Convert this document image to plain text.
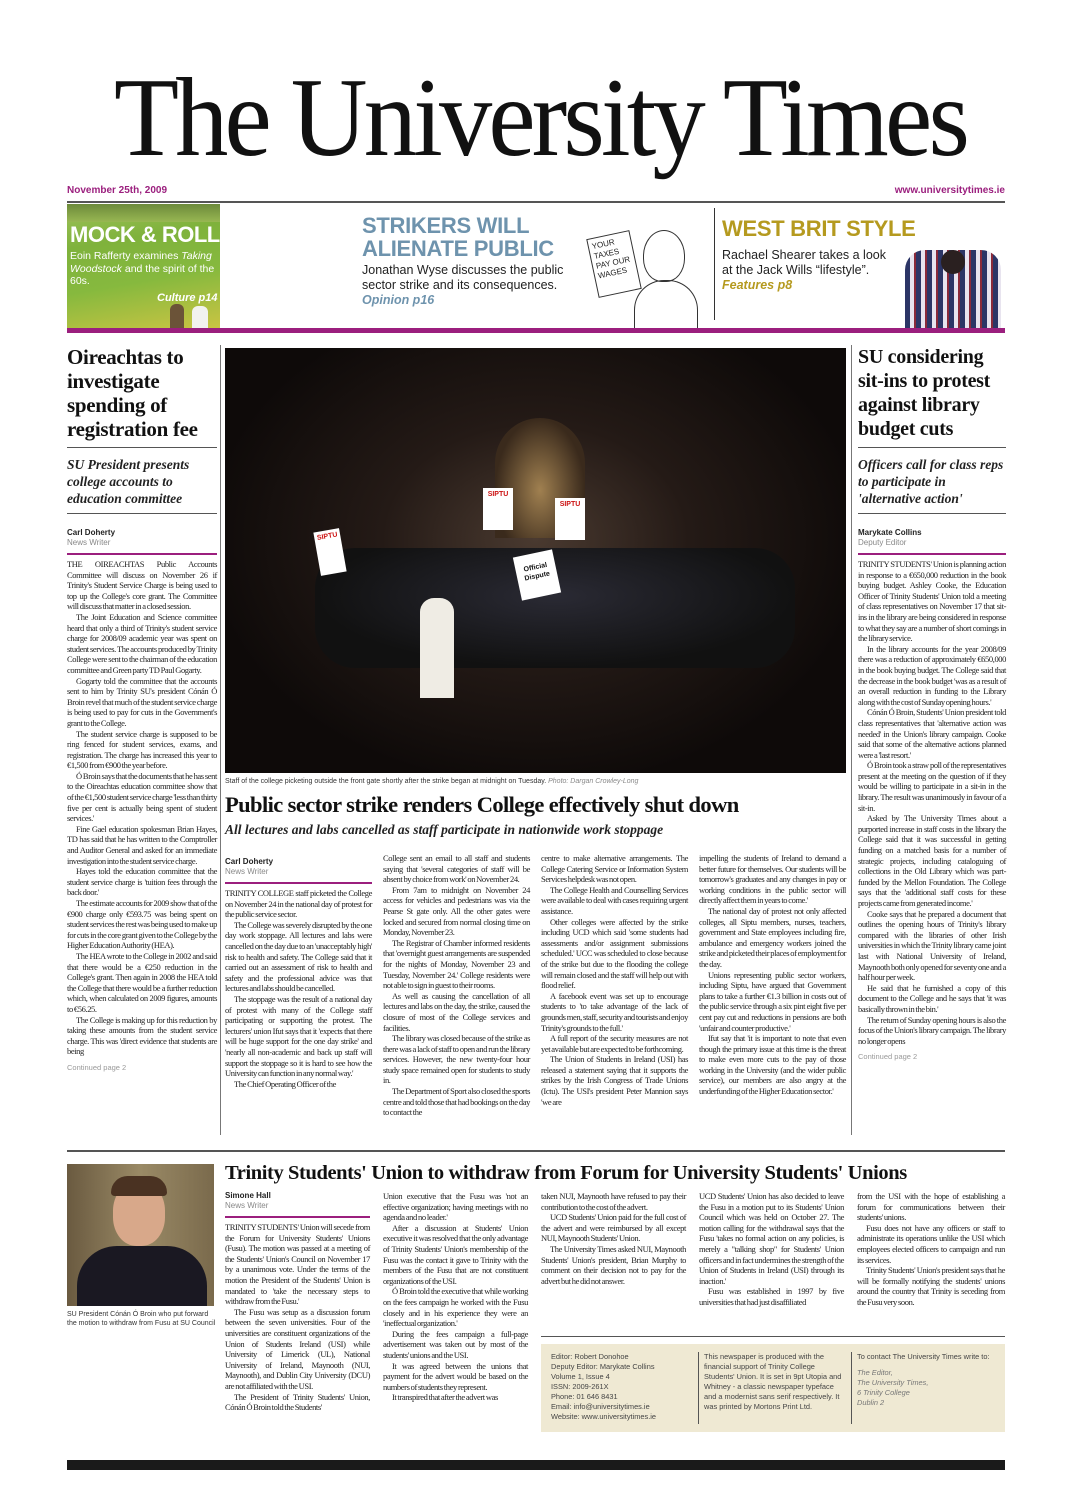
The University Times
November 25th, 2009	www.universitytimes.ie
MOCK & ROLL
Eoin Rafferty examines Taking Woodstock and the spirit of the 60s.
Culture p14
STRIKERS WILL
ALIENATE PUBLIC
Jonathan Wyse discusses the public sector strike and its consequences. Opinion p16
YOUR TAXES PAY OUR WAGES
WEST BRIT STYLE
Rachael Shearer takes a look at the Jack Wills “lifestyle”. Features p8
Oireachtas to investigate spending of registration fee
SU President presents college accounts to education committee
Carl Doherty
News Writer

THE OIREACHTAS Public Accounts Committee will discuss on November 26 if Trinity's Student Service Charge is being used to top up the College's core grant. The Committee will discuss that matter in a closed session.

The Joint Education and Science committee heard that only a third of Trinity's student service charge for 2008/09 academic year was spent on student services. The accounts produced by Trinity College were sent to the chairman of the education committee and Green party TD Paul Gogarty.

Gogarty told the committee that the accounts sent to him by Trinity SU's president Cónán Ó Broin revel that much of the student service charge is being used to pay for cuts in the Government's grant to the College.

The student service charge is supposed to be ring fenced for student services, exams, and registration. The charge has increased this year to €1,500 from €900 the year before.

Ó Broin says that the documents that he has sent to the Oireachtas education committee show that of the €1,500 student service charge 'less than thirty five per cent is actually being spent of student services.'

Fine Gael education spokesman Brian Hayes, TD has said that he has written to the Comptroller and Auditor General and asked for an immediate investigation into the student service charge.

Hayes told the education committee that the student service charge is 'tuition fees through the back door.'

The estimate accounts for 2009 show that of the €900 charge only €593.75 was being spent on student services the rest was being used to make up for cuts in the core grant given to the College by the Higher Education Authority (HEA).

The HEA wrote to the College in 2002 and said that there would be a €250 reduction in the College's grant. Then again in 2008 the HEA told the College that there would be a further reduction which, when calculated on 2009 figures, amounts to €56.25.

The College is making up for this reduction by taking these amounts from the student service charge. This was 'direct evidence that students are being

Continued page 2
SU considering sit-ins to protest against library budget cuts
Officers call for class reps to participate in 'alternative action'
Marykate Collins
Deputy Editor

TRINITY STUDENTS' Union is planning action in response to a €650,000 reduction in the book buying budget. Ashley Cooke, the Education Officer of Trinity Students' Union told a meeting of class representatives on November 17 that sit-ins in the library are being considered in response to what they say are a number of short comings in the library service.

In the library accounts for the year 2008/09 there was a reduction of approximately €650,000 in the book buying budget. The College said that the decrease in the book budget 'was as a result of an overall reduction in funding to the Library along with the cost of Sunday opening hours.'

Cónán Ó Broin, Students' Union president told class representatives that 'alternative action was needed' in the Union's library campaign. Cooke said that some of the alternative actions planned were a 'last resort.'

Ó Broin took a straw poll of the representatives present at the meeting on the question of if they would be willing to participate in a sit-in in the library. The result was unanimously in favour of a sit-in.

Asked by The University Times about a purported increase in staff costs in the library the College said that it was successful in getting funding on a matched basis for a number of strategic projects, including cataloguing of collections in the Old Library which was part-funded by the Mellon Foundation. The College says that the 'additional staff costs for these projects came from generated income.'

Cooke says that he prepared a document that outlines the opening hours of Trinity's library compared with the libraries of other Irish universities in which the Trinity library came joint last with National University of Ireland, Maynooth both only opened for seventy one and a half hour per week.

He said that he furnished a copy of this document to the College and he says that 'it was basically thrown in the bin.'

The return of Sunday opening hours is also the focus of the Union's library campaign. The library no longer opens

Continued page 2
SIPTU
SIPTU
Official Dispute
SIPTU
Staff of the college picketing outside the front gate shortly after the strike began at midnight on Tuesday. Photo: Dargan Crowley-Long
Public sector strike renders College effectively shut down
All lectures and labs cancelled as staff participate in nationwide work stoppage
Carl Doherty
News Writer

TRINITY COLLEGE staff picketed the College on November 24 in the national day of protest for the public service sector.

The College was severely disrupted by the one day work stoppage. All lectures and labs were cancelled on the day due to an 'unacceptably high' risk to health and safety. The College said that it carried out an assessment of risk to health and safety and the professional advice was that lectures and labs should be cancelled.

The stoppage was the result of a national day of protest with many of the College staff participating or supporting the protest. The lecturers' union Ifut says that it 'expects that there will be huge support for the one day strike' and 'nearly all non-academic and back up staff will support the stoppage so it is hard to see how the University can function in any normal way.'

The Chief Operating Officer of the

College sent an email to all staff and students saying that 'several categories of staff will be absent by choice from work' on November 24.

From 7am to midnight on November 24 access for vehicles and pedestrians was via the Pearse St gate only. All the other gates were locked and secured from normal closing time on Monday, November 23.

The Registrar of Chamber informed residents that 'overnight guest arrangements are suspended for the nights of Monday, November 23 and Tuesday, November 24.' College residents were not able to sign in guest to their rooms.

As well as causing the cancellation of all lectures and labs on the day, the strike, caused the closure of most of the College services and facilities.

The library was closed because of the strike as there was a lack of staff to open and run the library services. However, the new twenty-four hour study space remained open for students to study in.

The Department of Sport also closed the sports centre and told those that had bookings on the day to contact the

centre to make alternative arrangements. The College Catering Service or Information System Services helpdesk was not open.

The College Health and Counselling Services were available to deal with cases requiring urgent assistance.

Other colleges were affected by the strike including UCD which said 'some students had assessments and/or assignment submissions scheduled.' UCC was scheduled to close because of the strike but due to the flooding the college will remain closed and the staff will help out with flood relief.

A facebook event was set up to encourage students to 'to take advantage of the lack of grounds men, staff, security and tourists and enjoy Trinity's grounds to the full.'

A full report of the security measures are not yet available but are expected to be forthcoming.

The Union of Students in Ireland (USI) has released a statement saying that it supports the strikes by the Irish Congress of Trade Unions (Ictu). The USI's president Peter Mannion says 'we are

impelling the students of Ireland to demand a better future for themselves. Our students will be tomorrow's graduates and any changes in pay or working conditions in the public sector will directly affect them in years to come.'

The national day of protest not only affected colleges, all Siptu members, nurses, teachers, government and State employees including fire, ambulance and emergency workers joined the strike and picketed their places of employment for the day.

Unions representing public sector workers, including Siptu, have argued that Government plans to take a further €1.3 billion in costs out of the public service through a six pint eight five per cent pay cut and reductions in pensions are both 'unfair and counter productive.'

Ifut say that 'it is important to note that even though the primary issue at this time is the threat to make even more cuts to the pay of those working in the University (and the wider public service), our members are also angry at the underfunding of the Higher Education sector.'

SU President Cónán Ó Broin who put forward the motion to withdraw from Fusu at SU Council
Trinity Students' Union to withdraw from Forum for University Students' Unions
Simone Hall
News Writer

TRINITY STUDENTS' Union will secede from the Forum for University Students' Unions (Fusu). The motion was passed at a meeting of the Students' Union's Council on November 17 by a unanimous vote. Under the terms of the motion the President of the Students' Union is mandated to 'take the necessary steps to withdraw from the Fusu.'

The Fusu was setup as a discussion forum between the seven universities. Four of the universities are constituent organizations of the Union of Students Ireland (USI) while University of Limerick (UL), National University of Ireland, Maynooth (NUI, Maynooth), and Dublin City University (DCU) are not affiliated with the USI.

The President of Trinity Students' Union, Cónán Ó Broin told the Students'

Union executive that the Fusu was 'not an effective organization; having meetings with no agenda and no leader.'

After a discussion at Students' Union executive it was resolved that the only advantage of Trinity Students' Union's membership of the Fusu was the contact it gave to Trinity with the members of the Fusu that are not constituent organizations of the USI.

Ó Broin told the executive that while working on the fees campaign he worked with the Fusu closely and in his experience they were an 'ineffectual organization.'

During the fees campaign a full-page advertisement was taken out by most of the students' unions and the USI.

It was agreed between the unions that payment for the advert would be based on the numbers of students they represent.

It transpired that after the advert was

taken NUI, Maynooth have refused to pay their contribution to the cost of the advert.

UCD Students' Union paid for the full cost of the advert and were reimbursed by all except NUI, Maynooth Students' Union.

The University Times asked NUI, Maynooth Students' Union's president, Brian Murphy to comment on their decision not to pay for the advert but he did not answer.

UCD Students' Union has also decided to leave the Fusu in a motion put to its Students' Union Council which was held on October 27. The motion calling for the withdrawal says that the Fusu 'takes no formal action on any policies, is merely a "talking shop" for Students' Union officers and in fact undermines the strength of the Union of Students in Ireland (USI) through its inaction.'

Fusu was established in 1997 by five universities that had just disaffiliated

from the USI with the hope of establishing a forum for communications between their students' unions.

Fusu does not have any officers or staff to administrate its operations unlike the USI which employees elected officers to campaign and run its services.

Trinity Students' Union's president says that he will be formally notifying the students' unions around the country that Trinity is seceding from the Fusu very soon.

Editor: Robert Donohoe
Deputy Editor: Marykate Collins
Volume 1, Issue 4
ISSN: 2009-261X
Phone: 01 646 8431
Email: info@universitytimes.ie
Website: www.universitytimes.ie
This newspaper is produced with the financial support of Trinity College Students' Union. It is set in 9pt Utopia and Whitney - a classic newspaper typeface and a modernist sans serif respectively. It was printed by Mortons Print Ltd.
To contact The University Times write to:
The Editor,
The University Times,
6 Trinity College
Dublin 2
